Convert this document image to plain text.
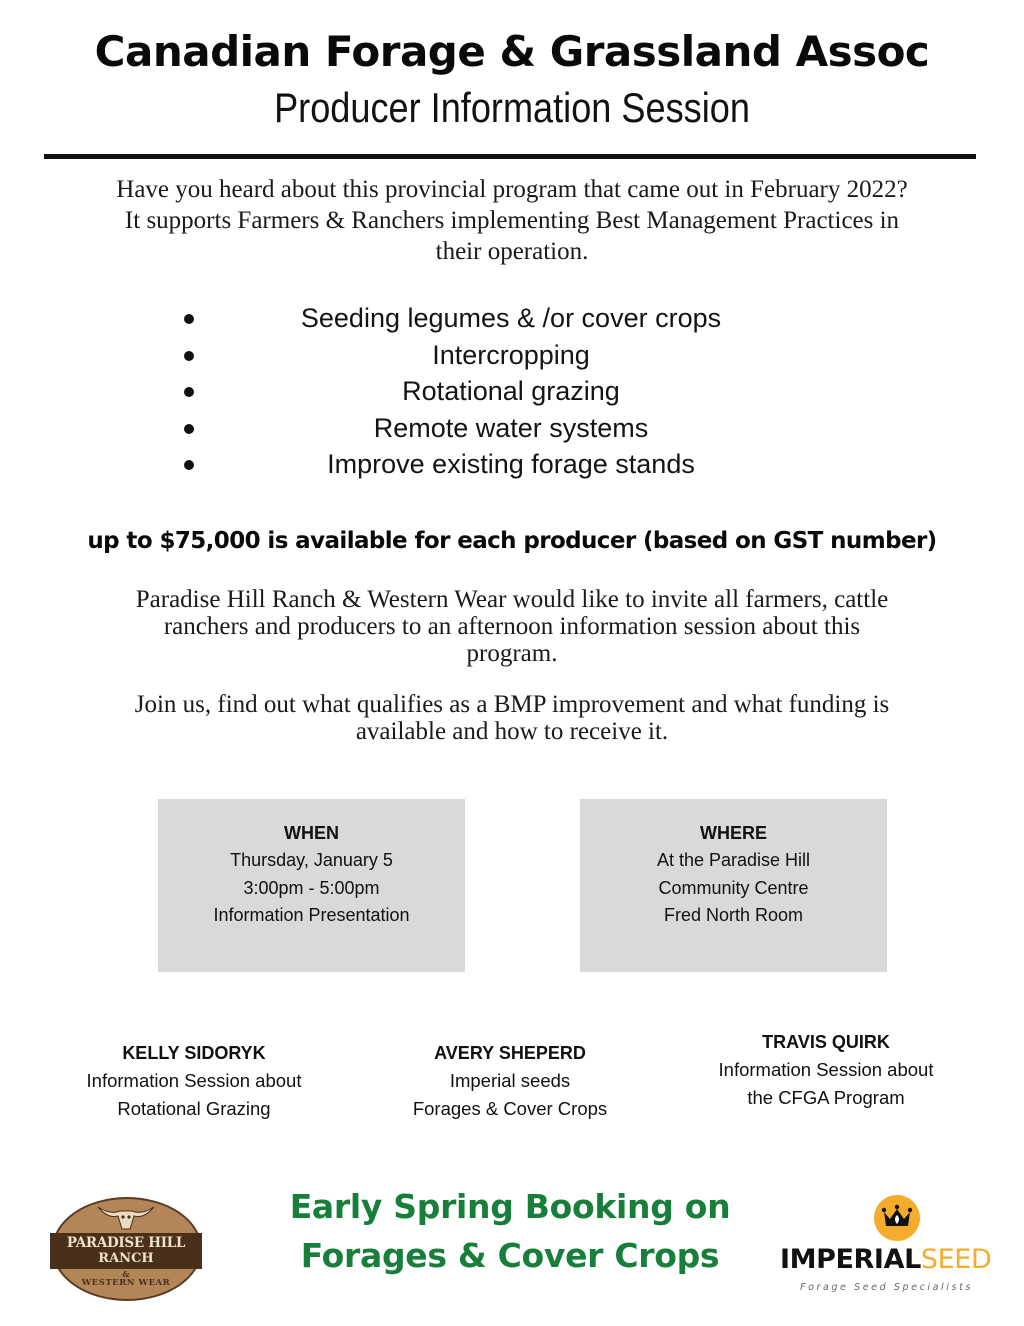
Canadian Forage & Grassland Assoc
Producer Information Session
Have you heard about this provincial program that came out in February 2022?
It supports Farmers & Ranchers implementing Best Management Practices in
their operation.
Seeding legumes & /or cover crops
Intercropping
Rotational grazing
Remote water systems
Improve existing forage stands
up to $75,000 is available for each producer (based on GST number)
Paradise Hill Ranch & Western Wear would like to invite all farmers, cattle
ranchers and producers to an afternoon information session about this
program.
Join us, find out what qualifies as a BMP improvement and what funding is
available and how to receive it.
WHEN
Thursday, January 5
3:00pm - 5:00pm
Information Presentation
WHERE
At the Paradise Hill
Community Centre
Fred North Room
KELLY SIDORYK
Information Session about
Rotational Grazing
AVERY SHEPERD
Imperial seeds
Forages & Cover Crops
TRAVIS QUIRK
Information Session about
the CFGA Program
PARADISE HILL
RANCH
&
WESTERN WEAR
Early Spring Booking on
Forages & Cover Crops	IMPERIALSEED
Forage Seed Specialists
